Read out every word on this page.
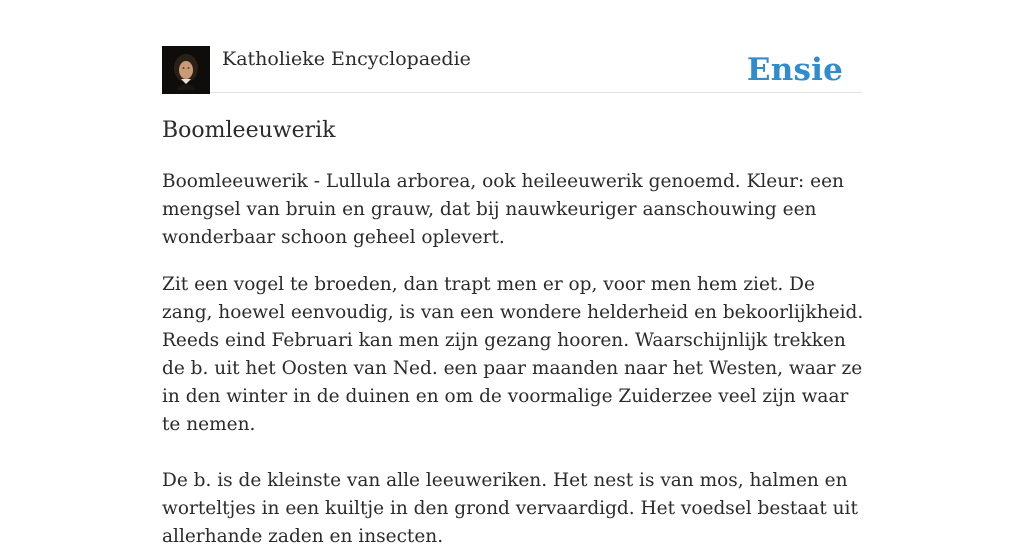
Katholieke Encyclopaedie	Ensie
Boomleeuwerik

Boomleeuwerik - Lullula arborea, ook heileeuwerik genoemd. Kleur: een mengsel van bruin en grauw, dat bij nauwkeuriger aanschouwing een wonderbaar schoon geheel oplevert.

Zit een vogel te broeden, dan trapt men er op, voor men hem ziet. De zang, hoewel eenvoudig, is van een wondere helderheid en bekoorlijkheid. Reeds eind Februari kan men zijn gezang hooren. Waarschijnlijk trekken de b. uit het Oosten van Ned. een paar maanden naar het Westen, waar ze in den winter in de duinen en om de voormalige Zuiderzee veel zijn waar te nemen.

De b. is de kleinste van alle leeuweriken. Het nest is van mos, halmen en worteltjes in een kuiltje in den grond vervaardigd. Het voedsel bestaat uit allerhande zaden en insecten.
